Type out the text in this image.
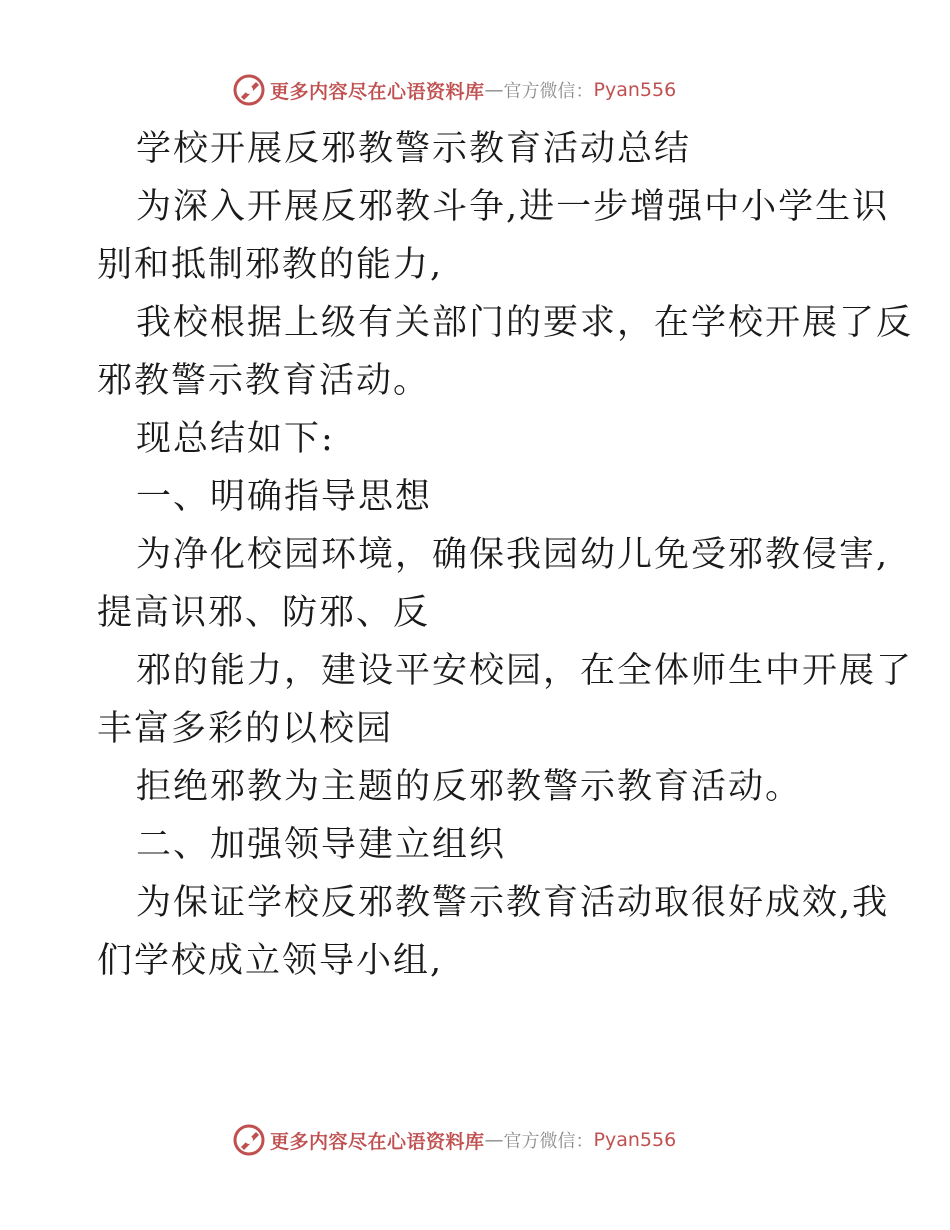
更多内容尽在心语资料库 — 官方微信： Pyan556

学校开展反邪教警示教育活动总结

为深入开展反邪教斗争,进一步增强中小学生识

别和抵制邪教的能力,

我校根据上级有关部门的要求，在学校开展了反

邪教警示教育活动。

现总结如下:

一、明确指导思想

为净化校园环境，确保我园幼儿免受邪教侵害,

提高识邪、防邪、反

邪的能力，建设平安校园，在全体师生中开展了

丰富多彩的以校园

拒绝邪教为主题的反邪教警示教育活动。

二、加强领导建立组织

为保证学校反邪教警示教育活动取很好成效,我

们学校成立领导小组,

更多内容尽在心语资料库 — 官方微信： Pyan556
